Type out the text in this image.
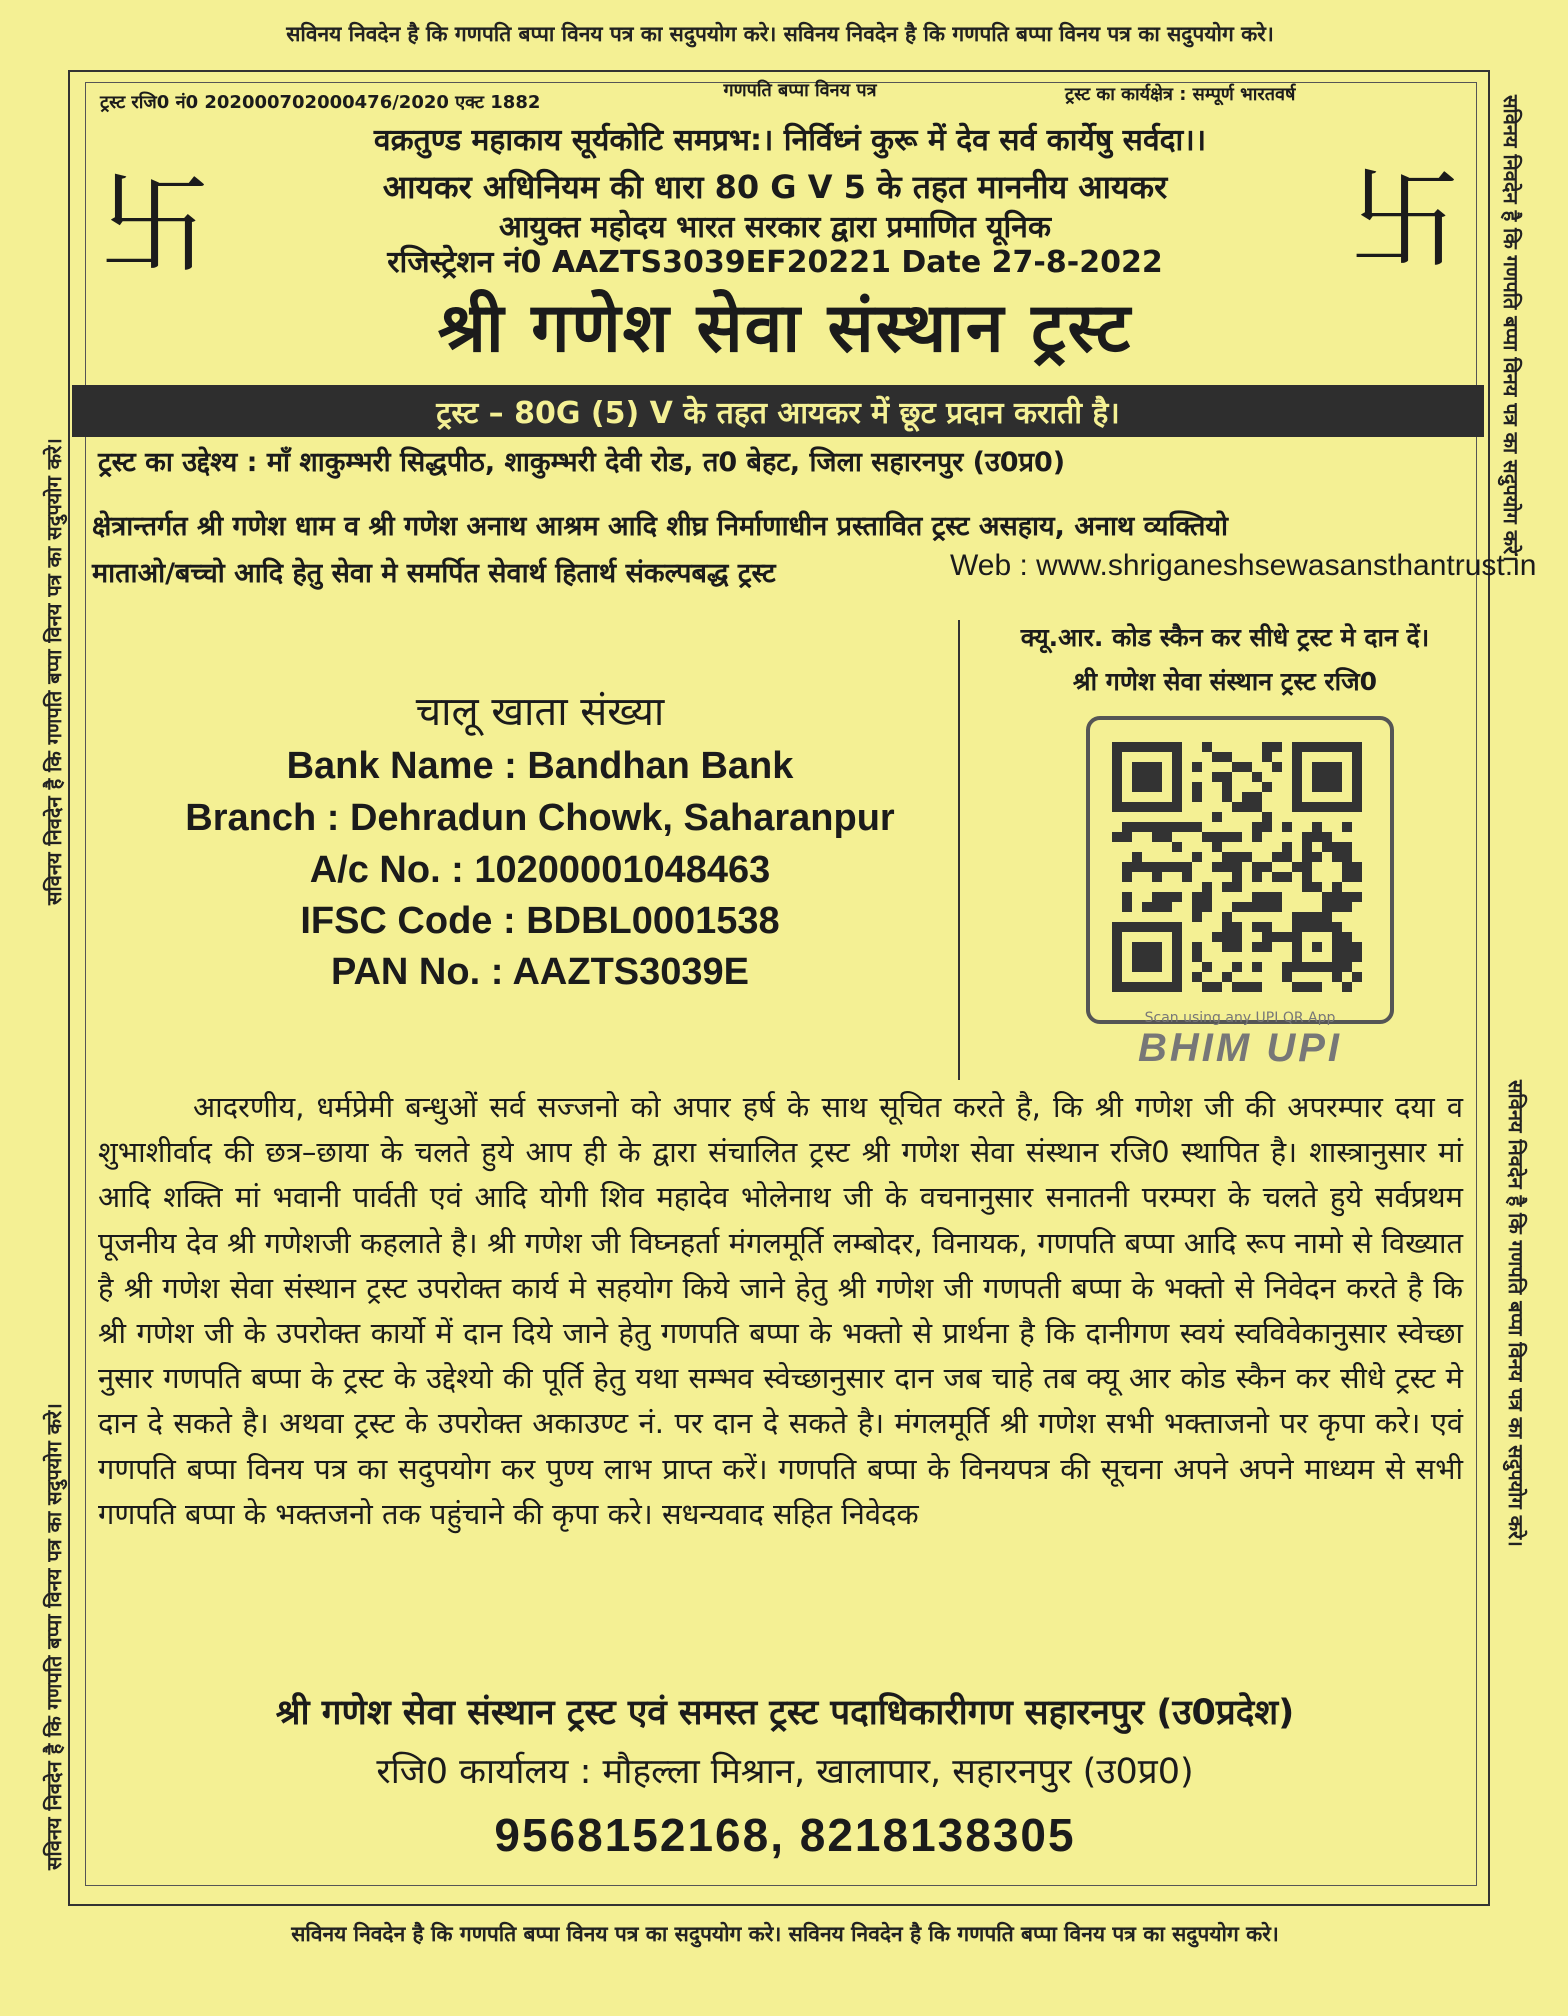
सविनय निवदेन है कि गणपति बप्पा विनय पत्र का सदुपयोग करे। सविनय निवदेन है कि गणपति बप्पा विनय पत्र का सदुपयोग करे।
सविनय निवदेन है कि गणपति बप्पा विनय पत्र का सदुपयोग करे।
सविनय निवदेन है कि गणपति बप्पा विनय पत्र का सदुपयोग करे।
सविनय निवदेन है कि गणपति बप्पा विनय पत्र का सदुपयोग करे।
सविनय निवदेन है कि गणपति बप्पा विनय पत्र का सदुपयोग करे।
सविनय निवदेन है कि गणपति बप्पा विनय पत्र का सदुपयोग करे। सविनय निवदेन है कि गणपति बप्पा विनय पत्र का सदुपयोग करे।
ट्रस्ट रजि0 नं0 202000702000476/2020 एक्ट 1882
गणपति बप्पा विनय पत्र	ट्रस्ट का कार्यक्षेत्र : सम्पूर्ण भारतवर्ष
वक्रतुण्ड महाकाय सूर्यकोटि समप्रभ:। निर्विध्नं कुरू में देव सर्व कार्येषु सर्वदा।।
卐	卐
आयकर अधिनियम की धारा 80 G V 5 के तहत माननीय आयकर
आयुक्त महोदय भारत सरकार द्वारा प्रमाणित यूनिक
रजिस्ट्रेशन नं0 AAZTS3039EF20221 Date 27-8-2022
श्री गणेश सेवा संस्थान ट्रस्ट
ट्रस्ट – 80G (5) V के तहत आयकर में छूट प्रदान कराती है।
ट्रस्ट का उद्देश्य : माँ शाकुम्भरी सिद्धपीठ, शाकुम्भरी देवी रोड, त0 बेहट, जिला सहारनपुर (उ0प्र0)
क्षेत्रान्तर्गत श्री गणेश धाम व श्री गणेश अनाथ आश्रम आदि शीघ्र निर्माणाधीन प्रस्तावित ट्रस्ट असहाय, अनाथ व्यक्तियो
माताओ/बच्चो आदि हेतु सेवा मे समर्पित सेवार्थ हितार्थ संकल्पबद्ध ट्रस्ट	Web : www.shriganeshsewasansthantrust.in
चालू खाता संख्या
Bank Name : Bandhan Bank
Branch : Dehradun Chowk, Saharanpur
A/c No. : 10200001048463
IFSC Code : BDBL0001538
PAN No. : AAZTS3039E
क्यू.आर. कोड स्कैन कर सीधे ट्रस्ट मे दान दें।
श्री गणेश सेवा संस्थान ट्रस्ट रजि0
Scan using any UPI QR App
BHIM UPI
आदरणीय, धर्मप्रेमी बन्धुओं सर्व सज्जनो को अपार हर्ष के साथ सूचित करते है, कि श्री गणेश जी की अपरम्पार दया व शुभाशीर्वाद की छत्र–छाया के चलते हुये आप ही के द्वारा संचालित ट्रस्ट श्री गणेश सेवा संस्थान रजि0 स्थापित है। शास्त्रानुसार मां आदि शक्ति मां भवानी पार्वती एवं आदि योगी शिव महादेव भोलेनाथ जी के वचनानुसार सनातनी परम्परा के चलते हुये सर्वप्रथम पूजनीय देव श्री गणेशजी कहलाते है। श्री गणेश जी विघ्नहर्ता मंगलमूर्ति लम्बोदर, विनायक, गणपति बप्पा आदि रूप नामो से विख्यात है श्री गणेश सेवा संस्थान ट्रस्ट उपरोक्त कार्य मे सहयोग किये जाने हेतु श्री गणेश जी गणपती बप्पा के भक्तो से निवेदन करते है कि श्री गणेश जी के उपरोक्त कार्यो में दान दिये जाने हेतु गणपति बप्पा के भक्तो से प्रार्थना है कि दानीगण स्वयं स्वविवेकानुसार स्वेच्छा नुसार गणपति बप्पा के ट्रस्ट के उद्देश्यो की पूर्ति हेतु यथा सम्भव स्वेच्छानुसार दान जब चाहे तब क्यू आर कोड स्कैन कर सीधे ट्रस्ट मे दान दे सकते है। अथवा ट्रस्ट के उपरोक्त अकाउण्ट नं. पर दान दे सकते है। मंगलमूर्ति श्री गणेश सभी भक्ताजनो पर कृपा करे। एवं गणपति बप्पा विनय पत्र का सदुपयोग कर पुण्य लाभ प्राप्त करें। गणपति बप्पा के विनयपत्र की सूचना अपने अपने माध्यम से सभी गणपति बप्पा के भक्तजनो तक पहुंचाने की कृपा करे। सधन्यवाद सहित निवेदक
श्री गणेश सेवा संस्थान ट्रस्ट एवं समस्त ट्रस्ट पदाधिकारीगण सहारनपुर (उ0प्रदेश)
रजि0 कार्यालय : मौहल्ला मिश्रान, खालापार, सहारनपुर (उ0प्र0)
9568152168, 8218138305
